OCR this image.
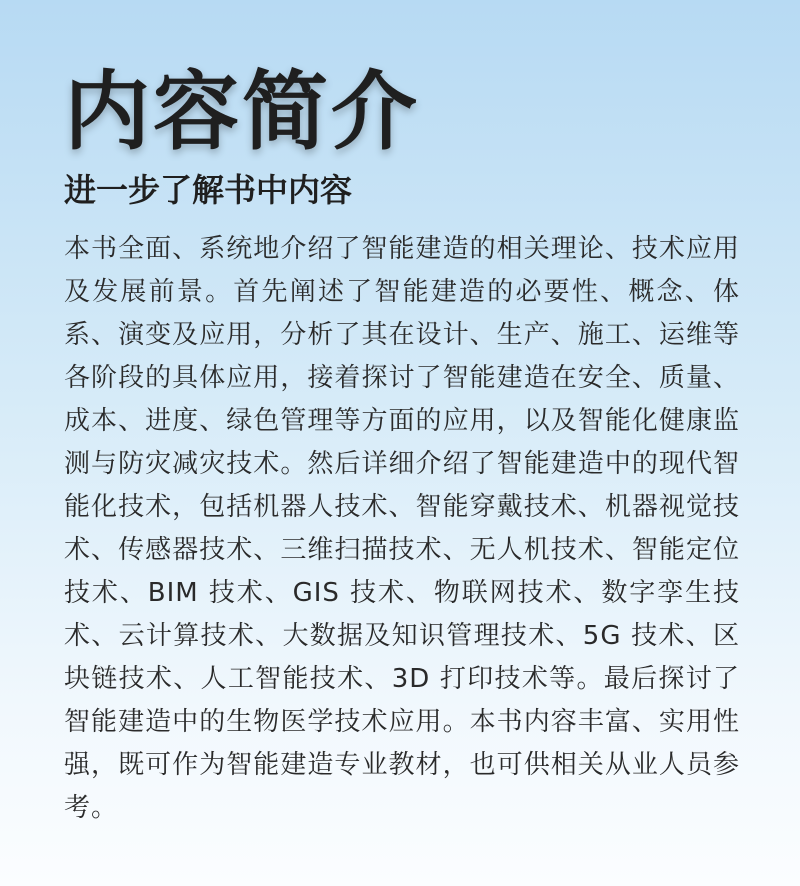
内容简介
进一步了解书中内容

本书全面、系统地介绍了智能建造的相关理论、技术应用及发展前景。首先阐述了智能建造的必要性、概念、体系、演变及应用，分析了其在设计、生产、施工、运维等各阶段的具体应用，接着探讨了智能建造在安全、质量、成本、进度、绿色管理等方面的应用，以及智能化健康监测与防灾减灾技术。然后详细介绍了智能建造中的现代智能化技术，包括机器人技术、智能穿戴技术、机器视觉技术、传感器技术、三维扫描技术、无人机技术、智能定位技术、BIM 技术、GIS 技术、物联网技术、数字孪生技术、云计算技术、大数据及知识管理技术、5G 技术、区块链技术、人工智能技术、3D 打印技术等。最后探讨了智能建造中的生物医学技术应用。本书内容丰富、实用性强，既可作为智能建造专业教材，也可供相关从业人员参考。
